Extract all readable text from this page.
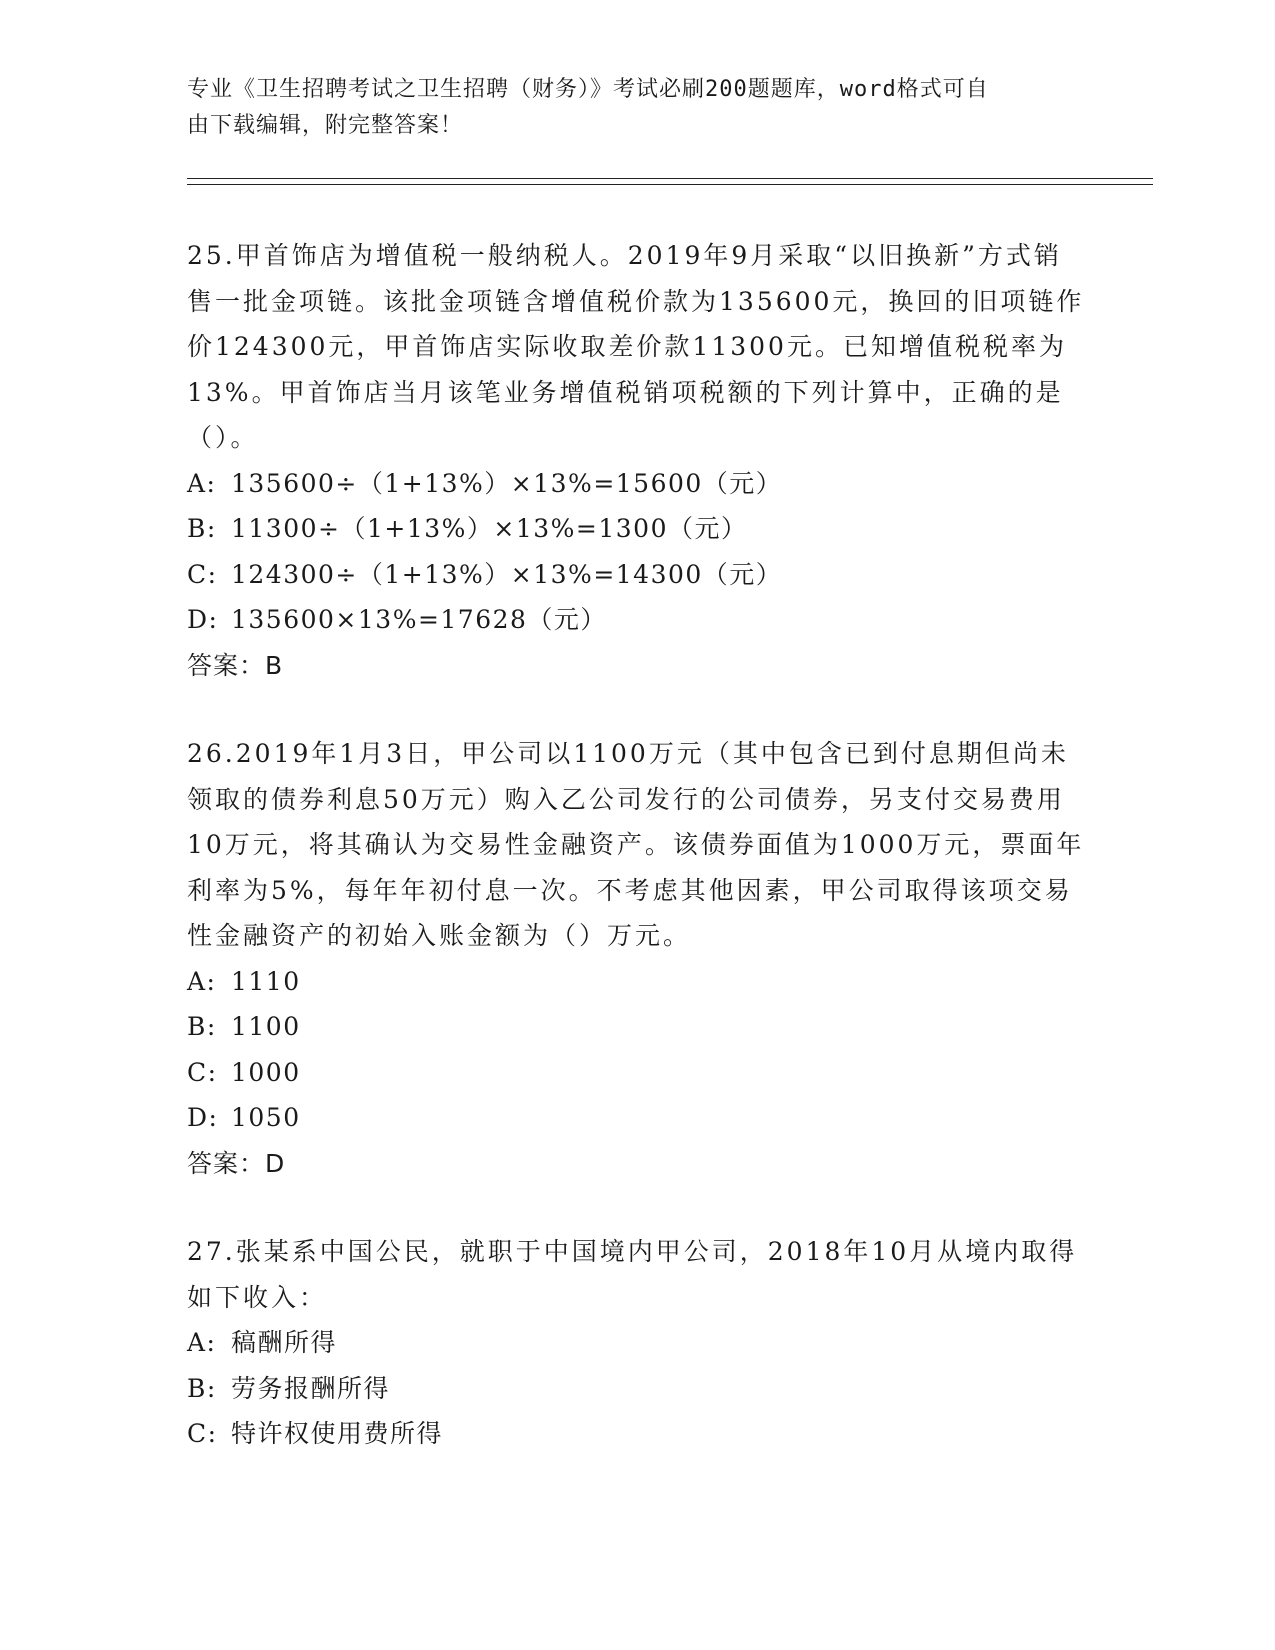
专业《卫生招聘考试之卫生招聘（财务）》考试必刷200题题库，word格式可自
由下载编辑，附完整答案！

25.甲首饰店为增值税一般纳税人。2019年9月采取“以旧换新”方式销售一批金项链。该批金项链含增值税价款为135600元，换回的旧项链作价124300元，甲首饰店实际收取差价款11300元。已知增值税税率为13%。甲首饰店当月该笔业务增值税销项税额的下列计算中，正确的是（）。

A: 135600÷（1+13%）×13%=15600（元）

B: 11300÷（1+13%）×13%=1300（元）

C: 124300÷（1+13%）×13%=14300（元）

D: 135600×13%=17628（元）

答案：B

26.2019年1月3日，甲公司以1100万元（其中包含已到付息期但尚未领取的债券利息50万元）购入乙公司发行的公司债券，另支付交易费用10万元，将其确认为交易性金融资产。该债券面值为1000万元，票面年利率为5%，每年年初付息一次。不考虑其他因素，甲公司取得该项交易性金融资产的初始入账金额为（）万元。

A: 1110

B: 1100

C: 1000

D: 1050

答案：D

27.张某系中国公民，就职于中国境内甲公司，2018年10月从境内取得如下收入：

A: 稿酬所得

B: 劳务报酬所得

C: 特许权使用费所得
